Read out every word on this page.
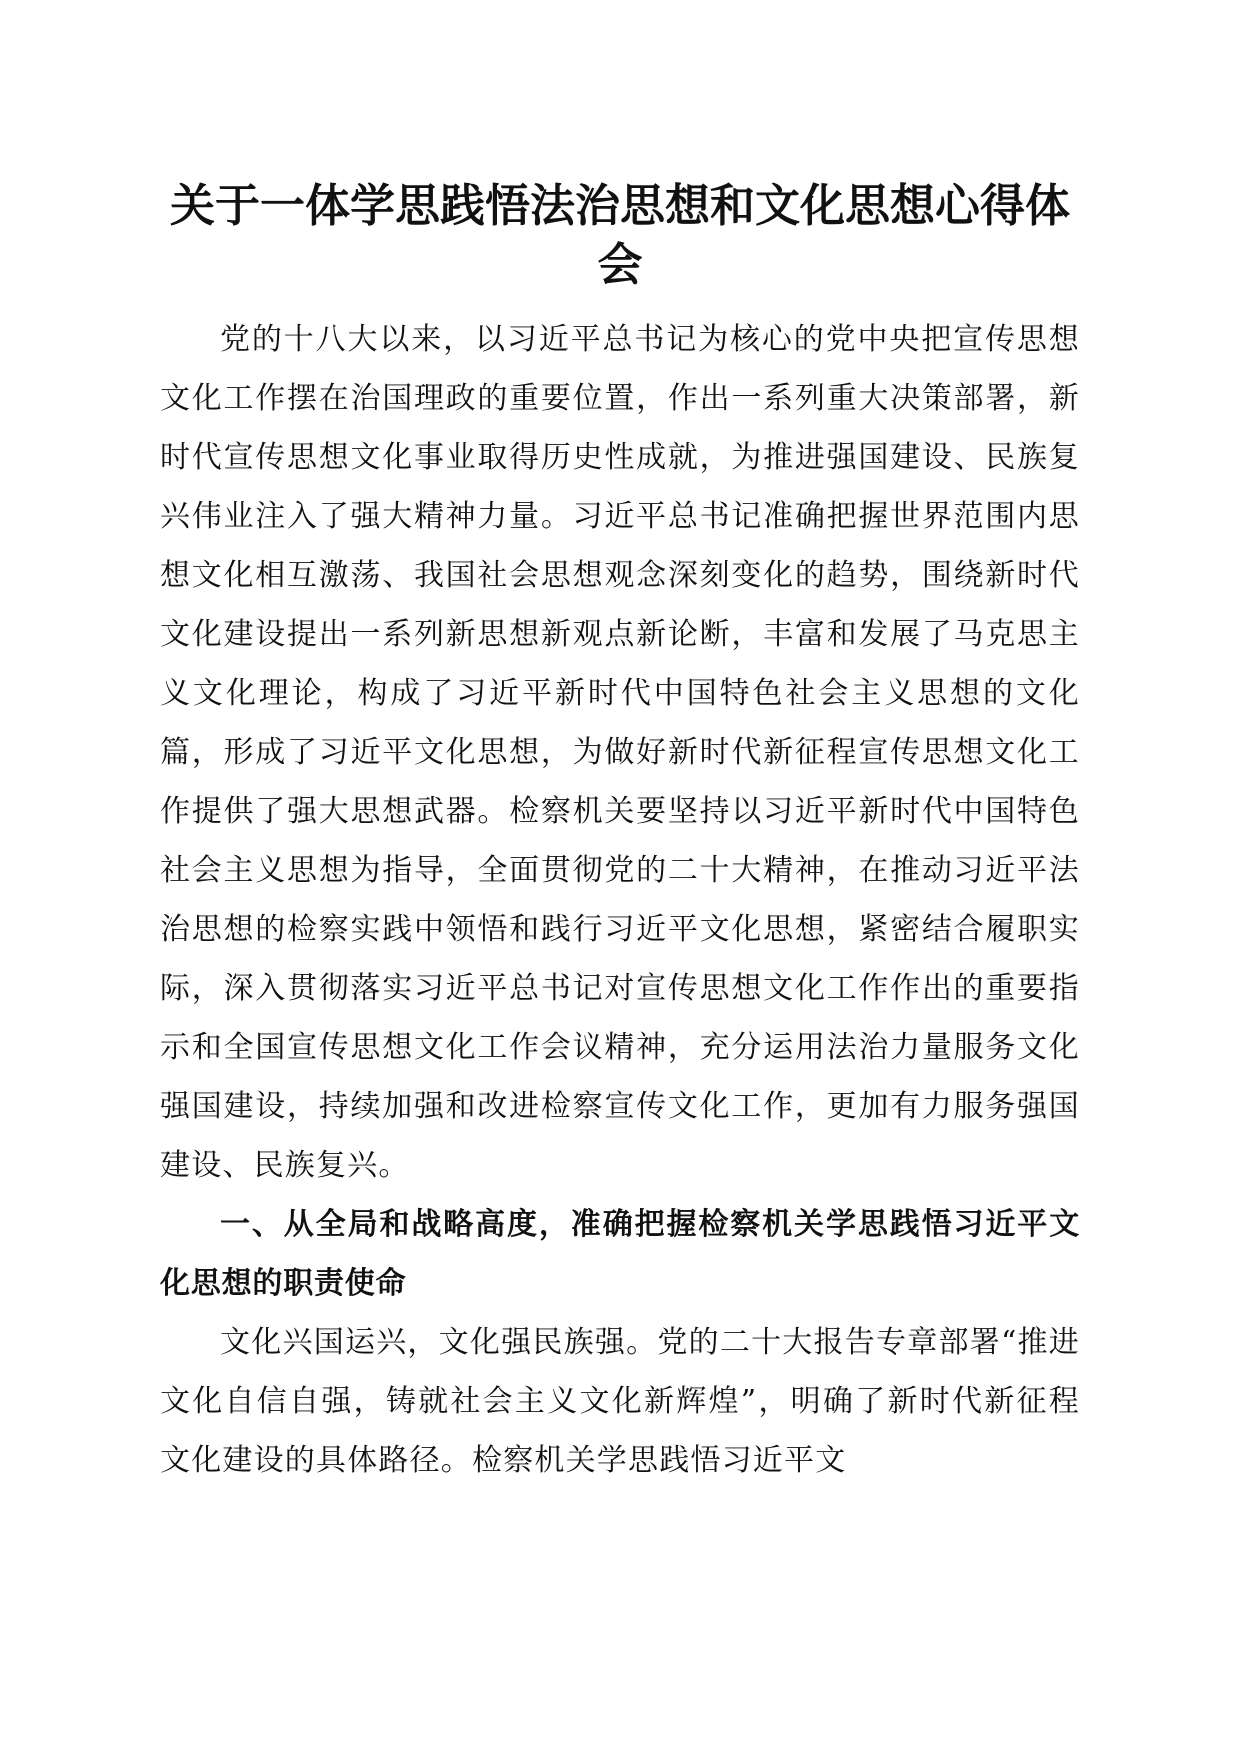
关于一体学思践悟法治思想和文化思想心得体会

党的十八大以来，以习近平总书记为核心的党中央把宣传思想文化工作摆在治国理政的重要位置，作出一系列重大决策部署，新时代宣传思想文化事业取得历史性成就，为推进强国建设、民族复兴伟业注入了强大精神力量。习近平总书记准确把握世界范围内思想文化相互激荡、我国社会思想观念深刻变化的趋势，围绕新时代文化建设提出一系列新思想新观点新论断，丰富和发展了马克思主义文化理论，构成了习近平新时代中国特色社会主义思想的文化篇，形成了习近平文化思想，为做好新时代新征程宣传思想文化工作提供了强大思想武器。检察机关要坚持以习近平新时代中国特色社会主义思想为指导，全面贯彻党的二十大精神，在推动习近平法治思想的检察实践中领悟和践行习近平文化思想，紧密结合履职实际，深入贯彻落实习近平总书记对宣传思想文化工作作出的重要指示和全国宣传思想文化工作会议精神，充分运用法治力量服务文化强国建设，持续加强和改进检察宣传文化工作，更加有力服务强国建设、民族复兴。

一、从全局和战略高度，准确把握检察机关学思践悟习近平文化思想的职责使命

文化兴国运兴，文化强民族强。党的二十大报告专章部署“推进文化自信自强，铸就社会主义文化新辉煌”，明确了新时代新征程文化建设的具体路径。检察机关学思践悟习近平文
